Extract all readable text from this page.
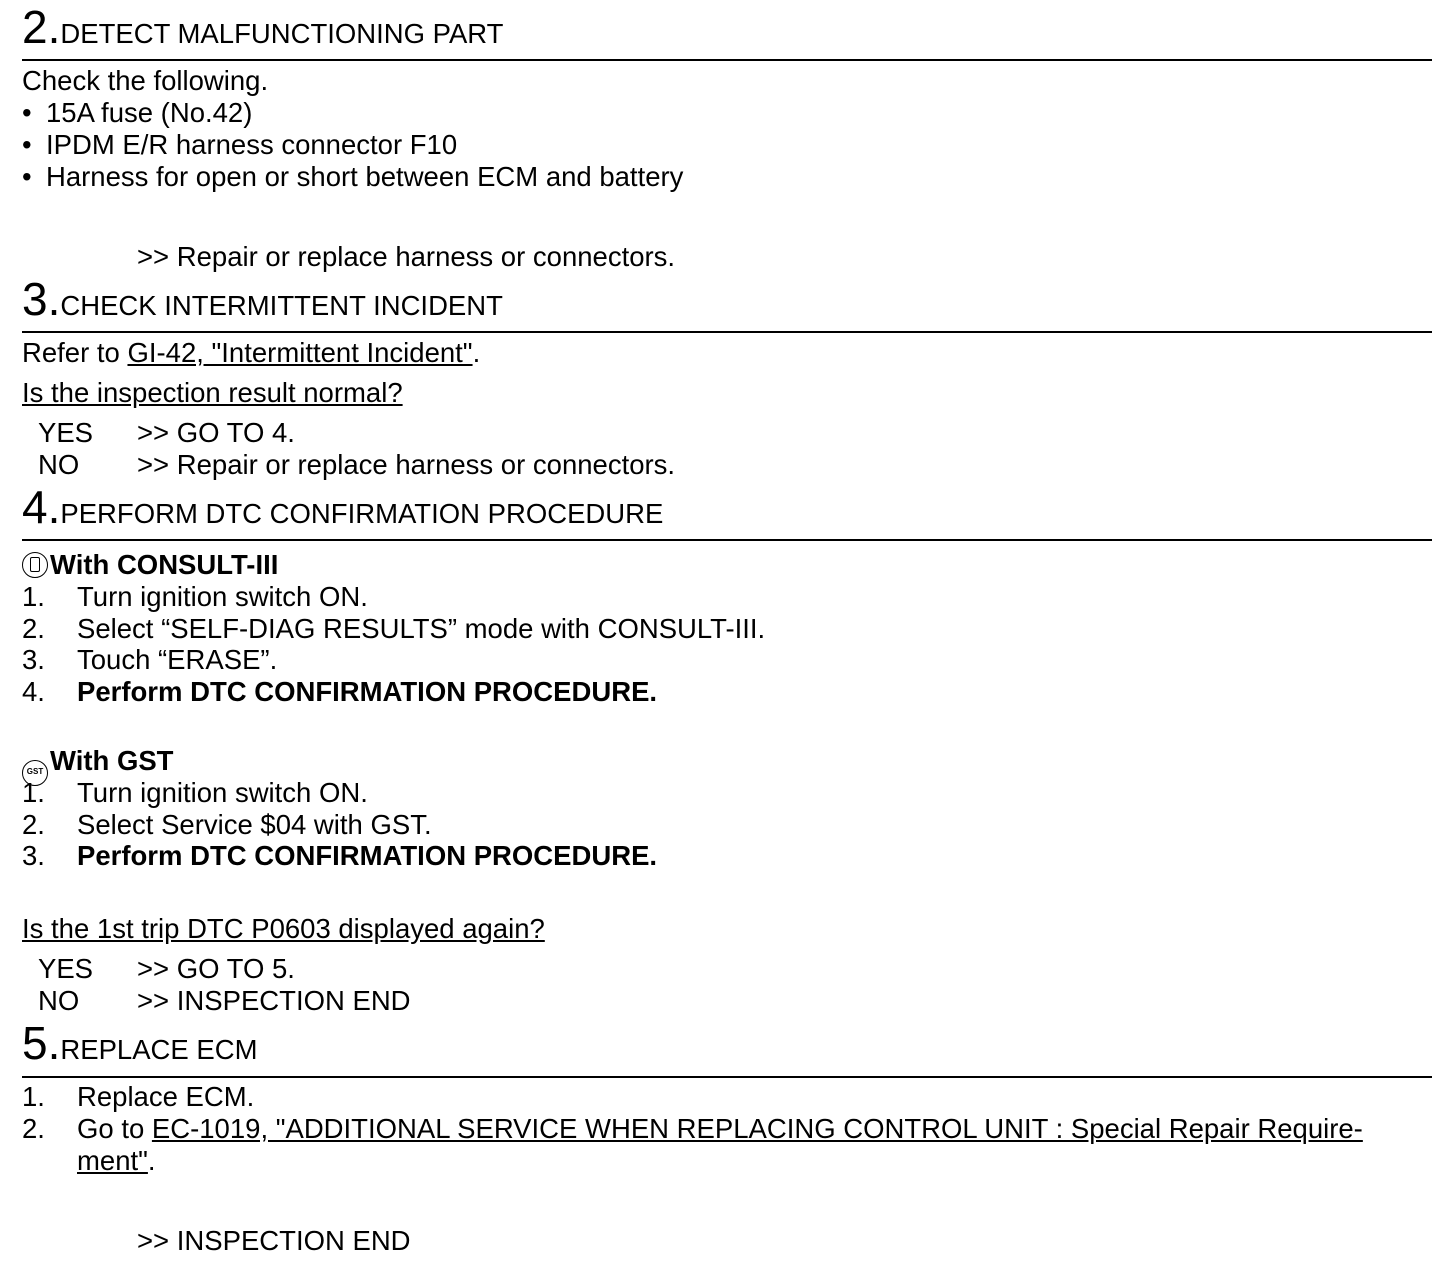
2.DETECT MALFUNCTIONING PART
Check the following.
• 15A fuse (No.42)
• IPDM E/R harness connector F10
• Harness for open or short between ECM and battery
>> Repair or replace harness or connectors.
3.CHECK INTERMITTENT INCIDENT
Refer to GI-42, "Intermittent Incident".
Is the inspection result normal?
YES >> GO TO 4.
NO >> Repair or replace harness or connectors.
4.PERFORM DTC CONFIRMATION PROCEDURE
With CONSULT-III
1. Turn ignition switch ON.
2. Select “SELF-DIAG RESULTS” mode with CONSULT-III.
3. Touch “ERASE”.
4. Perform DTC CONFIRMATION PROCEDURE.
GST With GST
1. Turn ignition switch ON.
2. Select Service $04 with GST.
3. Perform DTC CONFIRMATION PROCEDURE.
Is the 1st trip DTC P0603 displayed again?
YES >> GO TO 5.
NO >> INSPECTION END
5.REPLACE ECM
1. Replace ECM.
2. Go to EC-1019, "ADDITIONAL SERVICE WHEN REPLACING CONTROL UNIT : Special Repair Require-
ment".
>> INSPECTION END
